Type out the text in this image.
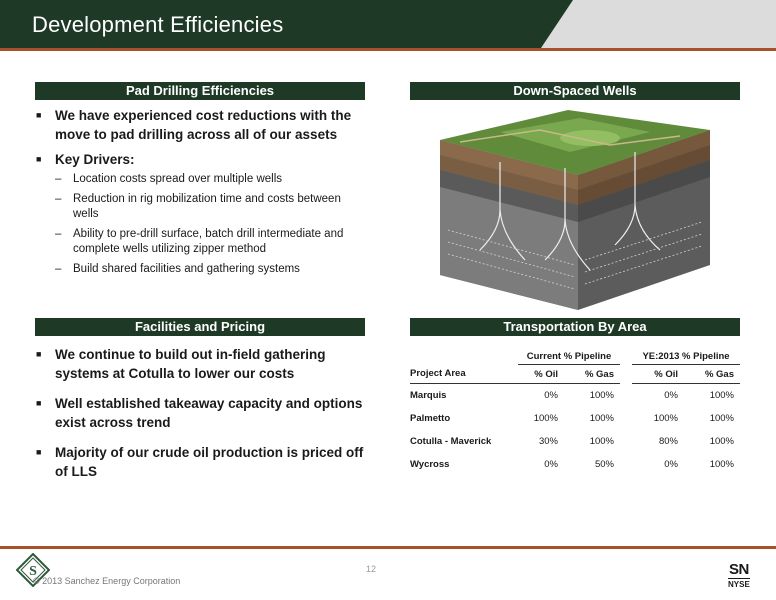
Development Efficiencies
Pad Drilling Efficiencies
■ We have experienced cost reductions with the move to pad drilling across all of our assets
■ Key Drivers:
– Location costs spread over multiple wells
– Reduction in rig mobilization time and costs between wells
– Ability to pre-drill surface, batch drill intermediate and complete wells utilizing zipper method
– Build shared facilities and gathering systems
Down-Spaced Wells
Facilities and Pricing
■ We continue to build out in-field gathering systems at Cotulla to lower our costs
■ Well established takeaway capacity and options exist across trend
■ Majority of our crude oil production is priced off of LLS
Transportation By Area
	Current % Pipeline			YE:2013 % Pipeline	
Project Area	% Oil	% Gas		% Oil	% Gas
Marquis	0%	100%		0%	100%
Palmetto	100%	100%		100%	100%
Cotulla - Maverick	30%	100%		80%	100%
Wycross	0%	50%		0%	100%
S	12
© 2013 Sanchez Energy Corporation
SN
NYSE
